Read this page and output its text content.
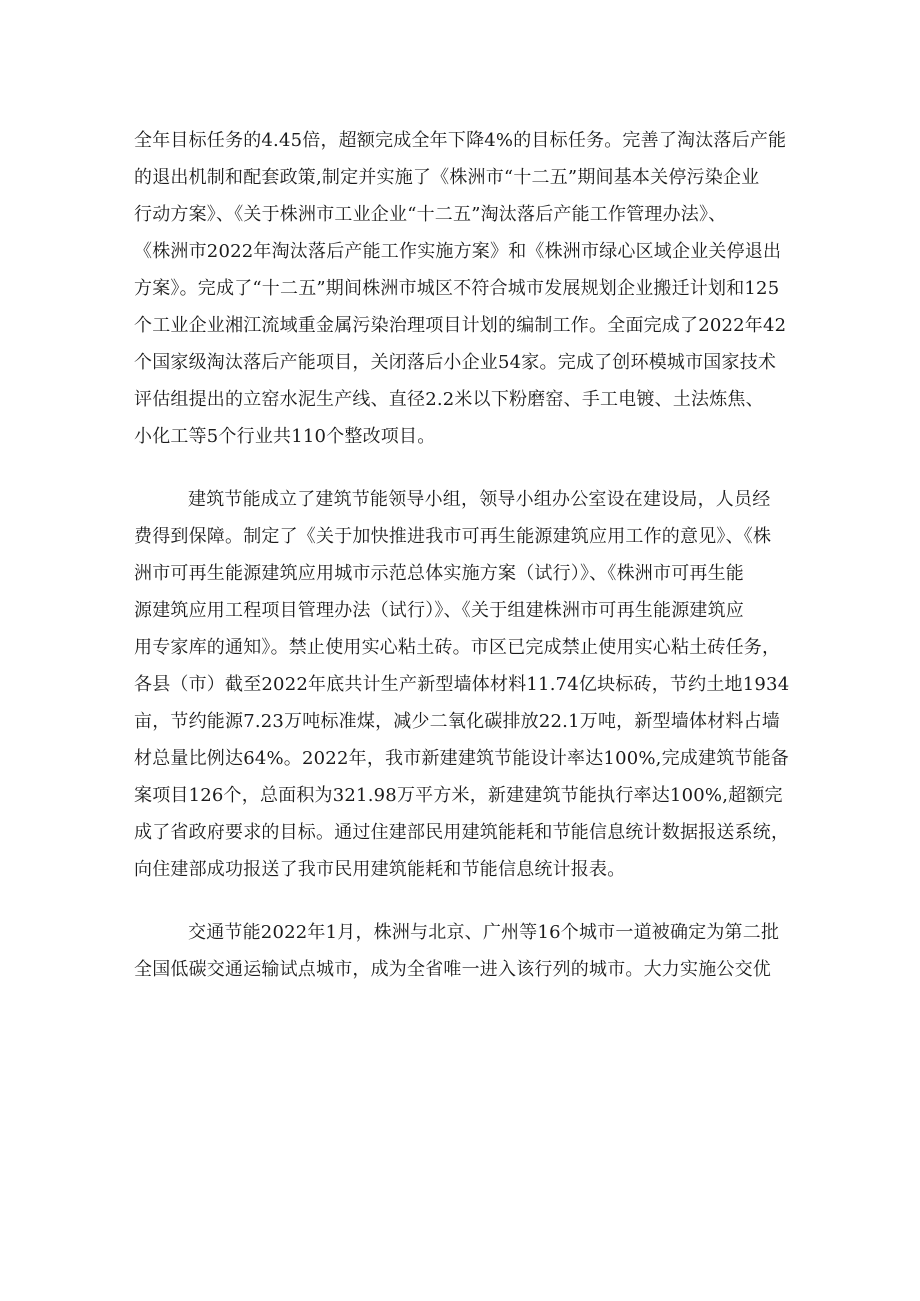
全年目标任务的4.45倍，超额完成全年下降4%的目标任务。完善了淘汰落后产能
的退出机制和配套政策,制定并实施了《株洲市“十二五”期间基本关停污染企业
行动方案》、《关于株洲市工业企业“十二五”淘汰落后产能工作管理办法》、
《株洲市2022年淘汰落后产能工作实施方案》和《株洲市绿心区域企业关停退出
方案》。完成了“十二五”期间株洲市城区不符合城市发展规划企业搬迁计划和125
个工业企业湘江流域重金属污染治理项目计划的编制工作。全面完成了2022年42
个国家级淘汰落后产能项目，关闭落后小企业54家。完成了创环模城市国家技术
评估组提出的立窑水泥生产线、直径2.2米以下粉磨窑、手工电镀、土法炼焦、
小化工等5个行业共110个整改项目。
建筑节能成立了建筑节能领导小组，领导小组办公室设在建设局，人员经
费得到保障。制定了《关于加快推进我市可再生能源建筑应用工作的意见》、《株
洲市可再生能源建筑应用城市示范总体实施方案（试行）》、《株洲市可再生能
源建筑应用工程项目管理办法（试行）》、《关于组建株洲市可再生能源建筑应
用专家库的通知》。禁止使用实心粘土砖。市区已完成禁止使用实心粘土砖任务，
各县（市）截至2022年底共计生产新型墙体材料11.74亿块标砖，节约土地1934
亩，节约能源7.23万吨标准煤，减少二氧化碳排放22.1万吨，新型墙体材料占墙
材总量比例达64%。2022年，我市新建建筑节能设计率达100%,完成建筑节能备
案项目126个，总面积为321.98万平方米，新建建筑节能执行率达100%,超额完
成了省政府要求的目标。通过住建部民用建筑能耗和节能信息统计数据报送系统，
向住建部成功报送了我市民用建筑能耗和节能信息统计报表。
交通节能2022年1月，株洲与北京、广州等16个城市一道被确定为第二批
全国低碳交通运输试点城市，成为全省唯一进入该行列的城市。大力实施公交优
